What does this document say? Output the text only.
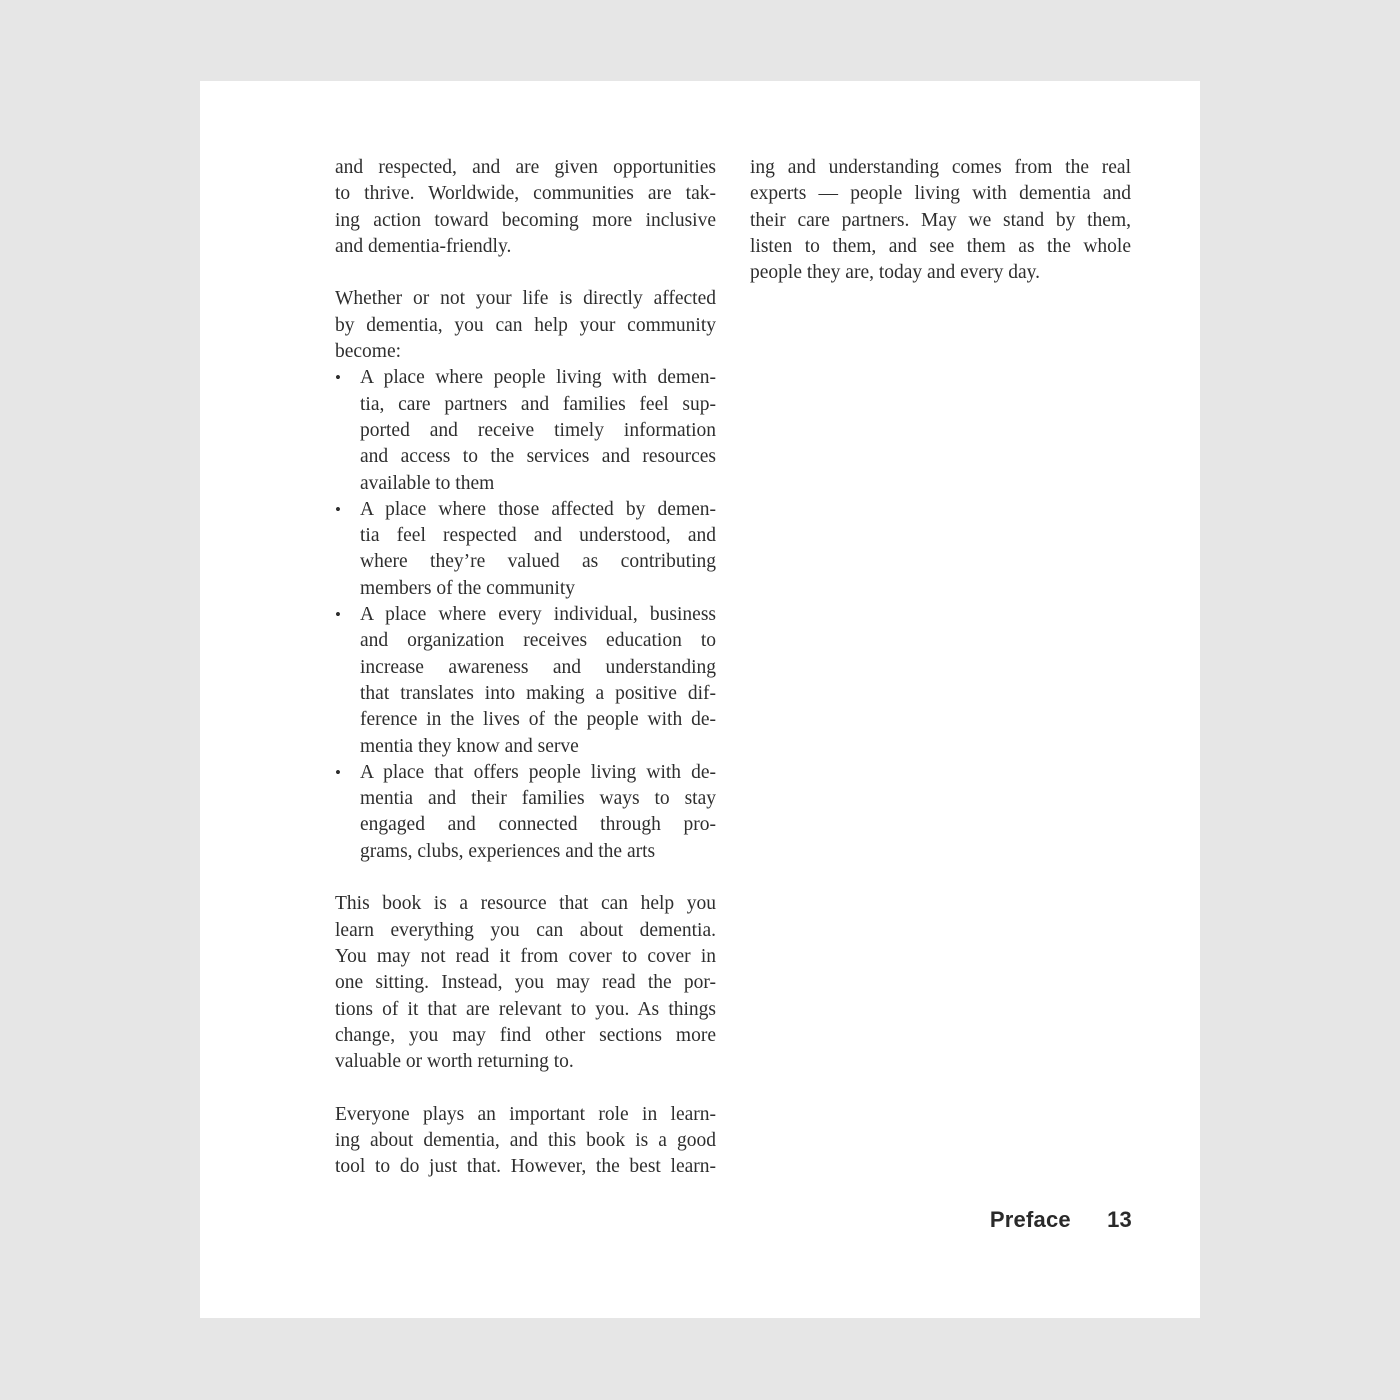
and respected, and are given opportunities
to thrive. Worldwide, communities are tak-
ing action toward becoming more inclusive
and dementia-friendly.
Whether or not your life is directly affected
by dementia, you can help your community
become:
• A place where people living with demen-
tia, care partners and families feel sup-
ported and receive timely information
and access to the services and resources
available to them
• A place where those affected by demen-
tia feel respected and understood, and
where they’re valued as contributing
members of the community
• A place where every individual, business
and organization receives education to
increase awareness and understanding
that translates into making a positive dif-
ference in the lives of the people with de-
mentia they know and serve
• A place that offers people living with de-
mentia and their families ways to stay
engaged and connected through pro-
grams, clubs, experiences and the arts
This book is a resource that can help you
learn everything you can about dementia.
You may not read it from cover to cover in
one sitting. Instead, you may read the por-
tions of it that are relevant to you. As things
change, you may find other sections more
valuable or worth returning to.
Everyone plays an important role in learn-
ing about dementia, and this book is a good
tool to do just that. However, the best learn-
ing and understanding comes from the real
experts — people living with dementia and
their care partners. May we stand by them,
listen to them, and see them as the whole
people they are, today and every day.
Preface 13
